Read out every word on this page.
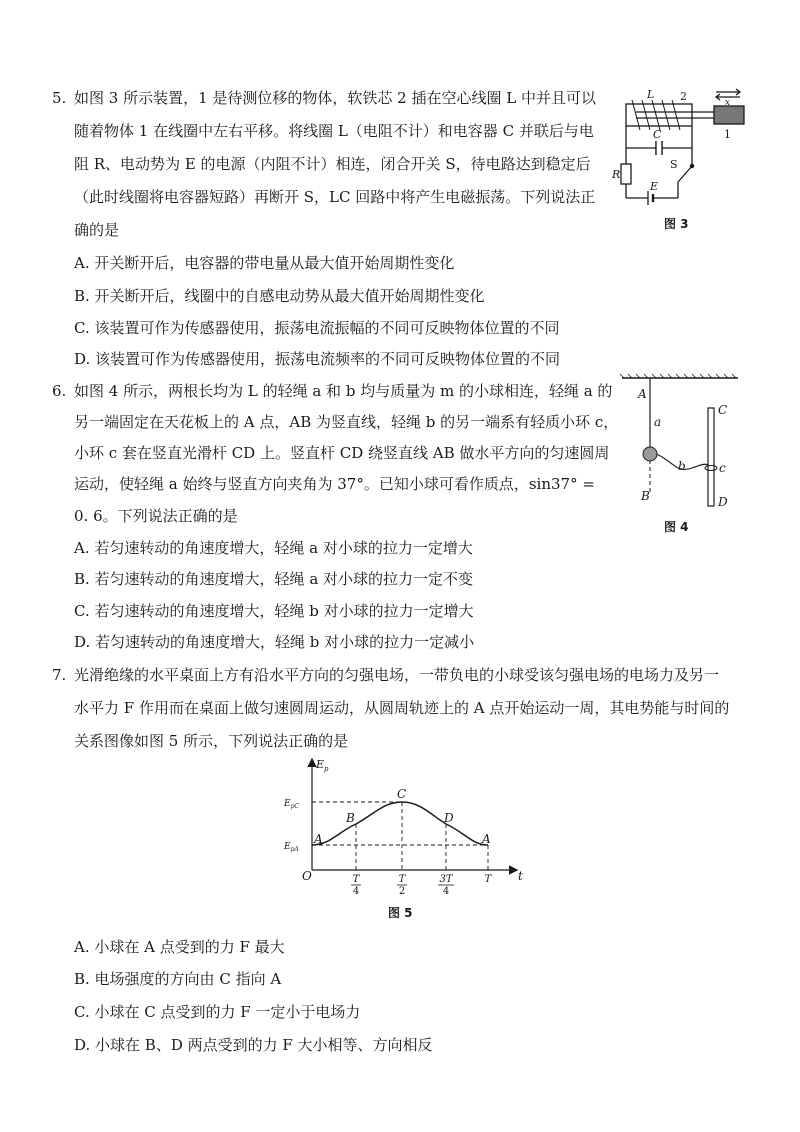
5. 如图 3 所示装置，1 是待测位移的物体，软铁芯 2 插在空心线圈 L 中并且可以
随着物体 1 在线圈中左右平移。将线圈 L（电阻不计）和电容器 C 并联后与电
阻 R、电动势为 E 的电源（内阻不计）相连，闭合开关 S，待电路达到稳定后
（此时线圈将电容器短路）再断开 S，LC 回路中将产生电磁振荡。下列说法正
确的是
A. 开关断开后，电容器的带电量从最大值开始周期性变化
B. 开关断开后，线圈中的自感电动势从最大值开始周期性变化
C. 该装置可作为传感器使用，振荡电流振幅的不同可反映物体位置的不同
D. 该装置可作为传感器使用，振荡电流频率的不同可反映物体位置的不同
L 2
1
x
C
R
S
E
图 3
6. 如图 4 所示，两根长均为 L 的轻绳 a 和 b 均与质量为 m 的小球相连，轻绳 a 的
另一端固定在天花板上的 A 点，AB 为竖直线，轻绳 b 的另一端系有轻质小环 c，
小环 c 套在竖直光滑杆 CD 上。竖直杆 CD 绕竖直线 AB 做水平方向的匀速圆周
运动，使轻绳 a 始终与竖直方向夹角为 37°。已知小球可看作质点，sin37° =
0. 6。下列说法正确的是
A. 若匀速转动的角速度增大，轻绳 a 对小球的拉力一定增大
B. 若匀速转动的角速度增大，轻绳 a 对小球的拉力一定不变
C. 若匀速转动的角速度增大，轻绳 b 对小球的拉力一定增大
D. 若匀速转动的角速度增大，轻绳 b 对小球的拉力一定减小
A
a
b
B
C
c
D
图 4
7. 光滑绝缘的水平桌面上方有沿水平方向的匀强电场，一带负电的小球受该匀强电场的电场力及另一
水平力 F 作用而在桌面上做匀速圆周运动，从圆周轨迹上的 A 点开始运动一周，其电势能与时间的
关系图像如图 5 所示，下列说法正确的是
$E_p$
$E_{pC}$
$E_{pA}$
O	t
A
B
C
D
A
T
4
T
2
3T
4
T
图 5
A. 小球在 A 点受到的力 F 最大
B. 电场强度的方向由 C 指向 A
C. 小球在 C 点受到的力 F 一定小于电场力
D. 小球在 B、D 两点受到的力 F 大小相等、方向相反
